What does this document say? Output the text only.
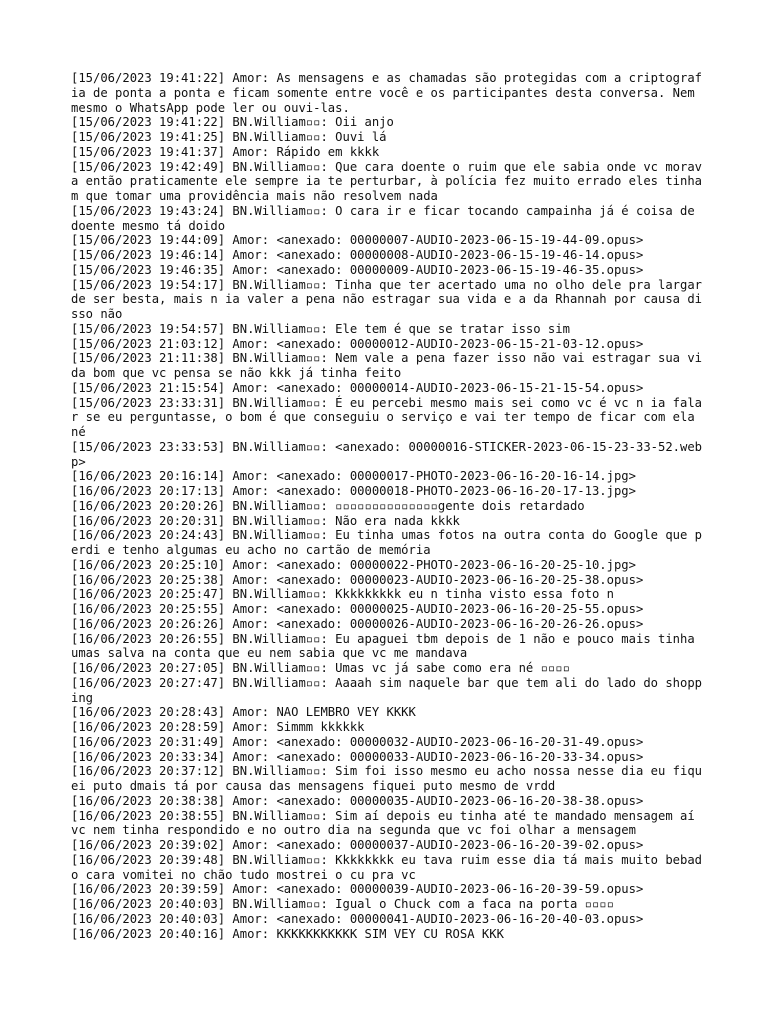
[15/06/2023 19:41:22] Amor: As mensagens e as chamadas são protegidas com a criptografia de ponta a ponta e ficam somente entre você e os participantes desta conversa. Nem mesmo o WhatsApp pode ler ou ouvi-las.
[15/06/2023 19:41:22] BN.William▫▫: Oii anjo
[15/06/2023 19:41:25] BN.William▫▫: Ouvi lá
[15/06/2023 19:41:37] Amor: Rápido em kkkk
[15/06/2023 19:42:49] BN.William▫▫: Que cara doente o ruim que ele sabia onde vc morava então praticamente ele sempre ia te perturbar, à polícia fez muito errado eles tinham que tomar uma providência mais não resolvem nada
[15/06/2023 19:43:24] BN.William▫▫: O cara ir e ficar tocando campainha já é coisa de doente mesmo tá doido
[15/06/2023 19:44:09] Amor: <anexado: 00000007-AUDIO-2023-06-15-19-44-09.opus>
[15/06/2023 19:46:14] Amor: <anexado: 00000008-AUDIO-2023-06-15-19-46-14.opus>
[15/06/2023 19:46:35] Amor: <anexado: 00000009-AUDIO-2023-06-15-19-46-35.opus>
[15/06/2023 19:54:17] BN.William▫▫: Tinha que ter acertado uma no olho dele pra largar de ser besta, mais n ia valer a pena não estragar sua vida e a da Rhannah por causa disso não
[15/06/2023 19:54:57] BN.William▫▫: Ele tem é que se tratar isso sim
[15/06/2023 21:03:12] Amor: <anexado: 00000012-AUDIO-2023-06-15-21-03-12.opus>
[15/06/2023 21:11:38] BN.William▫▫: Nem vale a pena fazer isso não vai estragar sua vida bom que vc pensa se não kkk já tinha feito
[15/06/2023 21:15:54] Amor: <anexado: 00000014-AUDIO-2023-06-15-21-15-54.opus>
[15/06/2023 23:33:31] BN.William▫▫: É eu percebi mesmo mais sei como vc é vc n ia falar se eu perguntasse, o bom é que conseguiu o serviço e vai ter tempo de ficar com ela né
[15/06/2023 23:33:53] BN.William▫▫: <anexado: 00000016-STICKER-2023-06-15-23-33-52.webp>
[16/06/2023 20:16:14] Amor: <anexado: 00000017-PHOTO-2023-06-16-20-16-14.jpg>
[16/06/2023 20:17:13] Amor: <anexado: 00000018-PHOTO-2023-06-16-20-17-13.jpg>
[16/06/2023 20:20:26] BN.William▫▫: ▫▫▫▫▫▫▫▫▫▫▫▫▫▫gente dois retardado
[16/06/2023 20:20:31] BN.William▫▫: Não era nada kkkk
[16/06/2023 20:24:43] BN.William▫▫: Eu tinha umas fotos na outra conta do Google que perdi e tenho algumas eu acho no cartão de memória
[16/06/2023 20:25:10] Amor: <anexado: 00000022-PHOTO-2023-06-16-20-25-10.jpg>
[16/06/2023 20:25:38] Amor: <anexado: 00000023-AUDIO-2023-06-16-20-25-38.opus>
[16/06/2023 20:25:47] BN.William▫▫: Kkkkkkkkk eu n tinha visto essa foto n
[16/06/2023 20:25:55] Amor: <anexado: 00000025-AUDIO-2023-06-16-20-25-55.opus>
[16/06/2023 20:26:26] Amor: <anexado: 00000026-AUDIO-2023-06-16-20-26-26.opus>
[16/06/2023 20:26:55] BN.William▫▫: Eu apaguei tbm depois de 1 não e pouco mais tinha umas salva na conta que eu nem sabia que vc me mandava
[16/06/2023 20:27:05] BN.William▫▫: Umas vc já sabe como era né ▫▫▫▫
[16/06/2023 20:27:47] BN.William▫▫: Aaaah sim naquele bar que tem ali do lado do shopping
[16/06/2023 20:28:43] Amor: NAO LEMBRO VEY KKKK
[16/06/2023 20:28:59] Amor: Simmm kkkkkk
[16/06/2023 20:31:49] Amor: <anexado: 00000032-AUDIO-2023-06-16-20-31-49.opus>
[16/06/2023 20:33:34] Amor: <anexado: 00000033-AUDIO-2023-06-16-20-33-34.opus>
[16/06/2023 20:37:12] BN.William▫▫: Sim foi isso mesmo eu acho nossa nesse dia eu fiquei puto dmais tá por causa das mensagens fiquei puto mesmo de vrdd
[16/06/2023 20:38:38] Amor: <anexado: 00000035-AUDIO-2023-06-16-20-38-38.opus>
[16/06/2023 20:38:55] BN.William▫▫: Sim aí depois eu tinha até te mandado mensagem aí vc nem tinha respondido e no outro dia na segunda que vc foi olhar a mensagem
[16/06/2023 20:39:02] Amor: <anexado: 00000037-AUDIO-2023-06-16-20-39-02.opus>
[16/06/2023 20:39:48] BN.William▫▫: Kkkkkkkk eu tava ruim esse dia tá mais muito bebado cara vomitei no chão tudo mostrei o cu pra vc
[16/06/2023 20:39:59] Amor: <anexado: 00000039-AUDIO-2023-06-16-20-39-59.opus>
[16/06/2023 20:40:03] BN.William▫▫: Igual o Chuck com a faca na porta ▫▫▫▫
[16/06/2023 20:40:03] Amor: <anexado: 00000041-AUDIO-2023-06-16-20-40-03.opus>
[16/06/2023 20:40:16] Amor: KKKKKKKKKKK SIM VEY CU ROSA KKK
